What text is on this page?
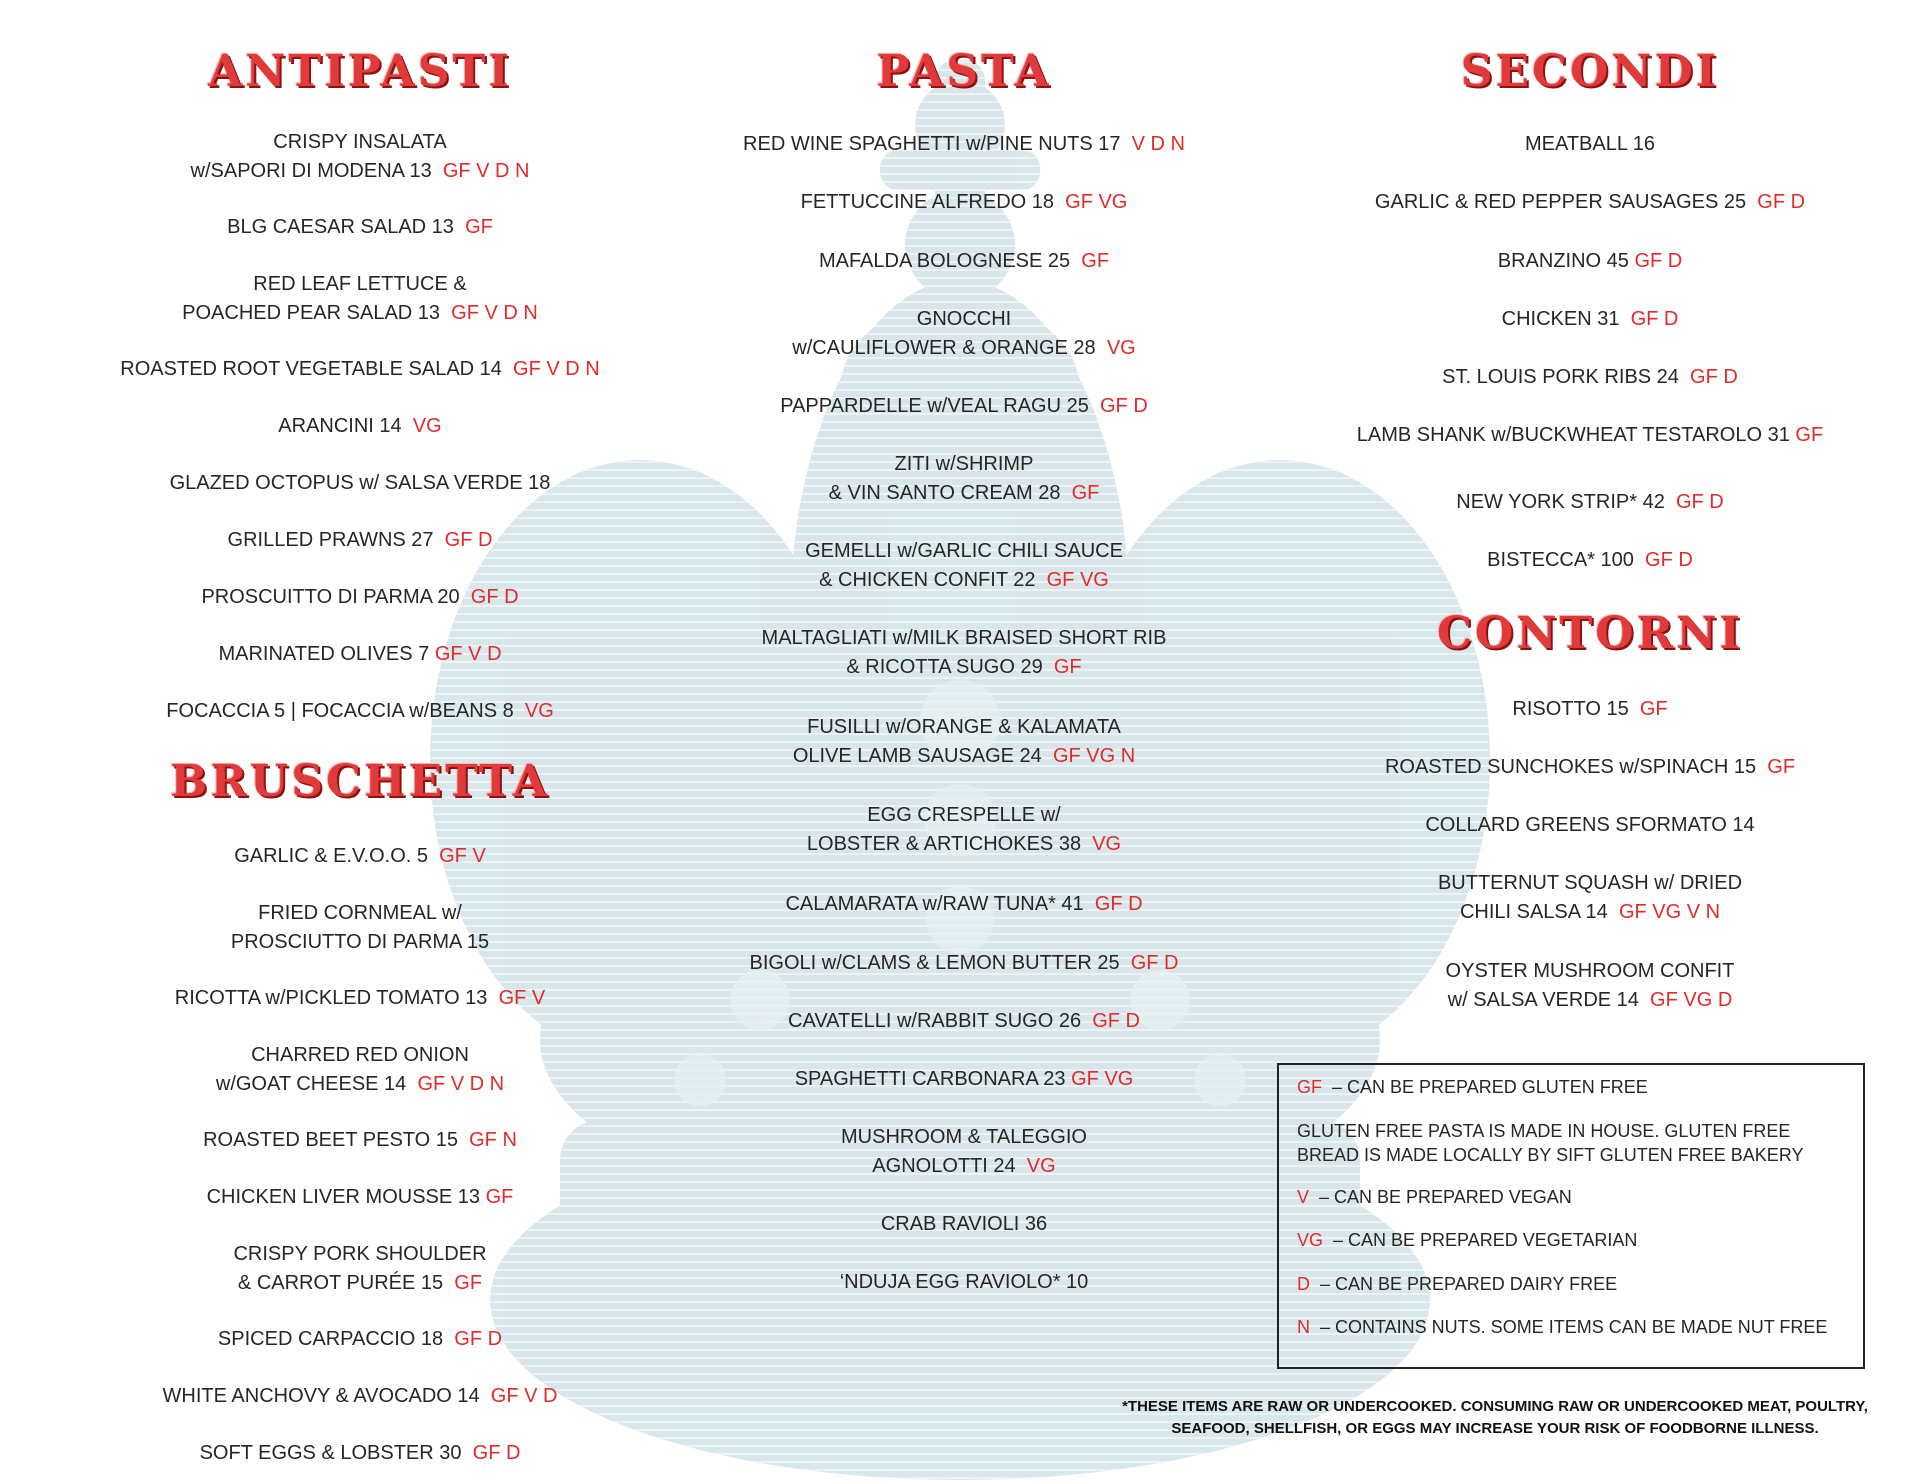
ANTIPASTI
CRISPY INSALATA
w/SAPORI DI MODENA 13 GF V D N
BLG CAESAR SALAD 13 GF
RED LEAF LETTUCE &
POACHED PEAR SALAD 13 GF V D N
ROASTED ROOT VEGETABLE SALAD 14 GF V D N
ARANCINI 14 VG
GLAZED OCTOPUS w/ SALSA VERDE 18
GRILLED PRAWNS 27 GF D
PROSCUITTO DI PARMA 20 GF D
MARINATED OLIVES 7 GF V D
FOCACCIA 5 | FOCACCIA w/BEANS 8 VG
BRUSCHETTA
GARLIC & E.V.O.O. 5 GF V
FRIED CORNMEAL w/
PROSCIUTTO DI PARMA 15
RICOTTA w/PICKLED TOMATO 13 GF V
CHARRED RED ONION
w/GOAT CHEESE 14 GF V D N
ROASTED BEET PESTO 15 GF N
CHICKEN LIVER MOUSSE 13 GF
CRISPY PORK SHOULDER
& CARROT PURÉE 15 GF
SPICED CARPACCIO 18 GF D
WHITE ANCHOVY & AVOCADO 14 GF V D
SOFT EGGS & LOBSTER 30 GF D
PASTA
RED WINE SPAGHETTI w/PINE NUTS 17 V D N
FETTUCCINE ALFREDO 18 GF VG
MAFALDA BOLOGNESE 25 GF
GNOCCHI
w/CAULIFLOWER & ORANGE 28 VG
PAPPARDELLE w/VEAL RAGU 25 GF D
ZITI w/SHRIMP
& VIN SANTO CREAM 28 GF
GEMELLI w/GARLIC CHILI SAUCE
& CHICKEN CONFIT 22 GF VG
MALTAGLIATI w/MILK BRAISED SHORT RIB
& RICOTTA SUGO 29 GF
FUSILLI w/ORANGE & KALAMATA
OLIVE LAMB SAUSAGE 24 GF VG N
EGG CRESPELLE w/
LOBSTER & ARTICHOKES 38 VG
CALAMARATA w/RAW TUNA* 41 GF D
BIGOLI w/CLAMS & LEMON BUTTER 25 GF D
CAVATELLI w/RABBIT SUGO 26 GF D
SPAGHETTI CARBONARA 23 GF VG
MUSHROOM & TALEGGIO
AGNOLOTTI 24 VG
CRAB RAVIOLI 36
‘NDUJA EGG RAVIOLO* 10
SECONDI
MEATBALL 16
GARLIC & RED PEPPER SAUSAGES 25 GF D
BRANZINO 45 GF D
CHICKEN 31 GF D
ST. LOUIS PORK RIBS 24 GF D
LAMB SHANK w/BUCKWHEAT TESTAROLO 31 GF
NEW YORK STRIP* 42 GF D
BISTECCA* 100 GF D
CONTORNI
RISOTTO 15 GF
ROASTED SUNCHOKES w/SPINACH 15 GF
COLLARD GREENS SFORMATO 14
BUTTERNUT SQUASH w/ DRIED
CHILI SALSA 14 GF VG V N
OYSTER MUSHROOM CONFIT
w/ SALSA VERDE 14 GF VG D
GF – CAN BE PREPARED GLUTEN FREE
GLUTEN FREE PASTA IS MADE IN HOUSE. GLUTEN FREE
BREAD IS MADE LOCALLY BY SIFT GLUTEN FREE BAKERY
V – CAN BE PREPARED VEGAN
VG – CAN BE PREPARED VEGETARIAN
D – CAN BE PREPARED DAIRY FREE
N – CONTAINS NUTS. SOME ITEMS CAN BE MADE NUT FREE
*THESE ITEMS ARE RAW OR UNDERCOOKED. CONSUMING RAW OR UNDERCOOKED MEAT, POULTRY,
SEAFOOD, SHELLFISH, OR EGGS MAY INCREASE YOUR RISK OF FOODBORNE ILLNESS.
